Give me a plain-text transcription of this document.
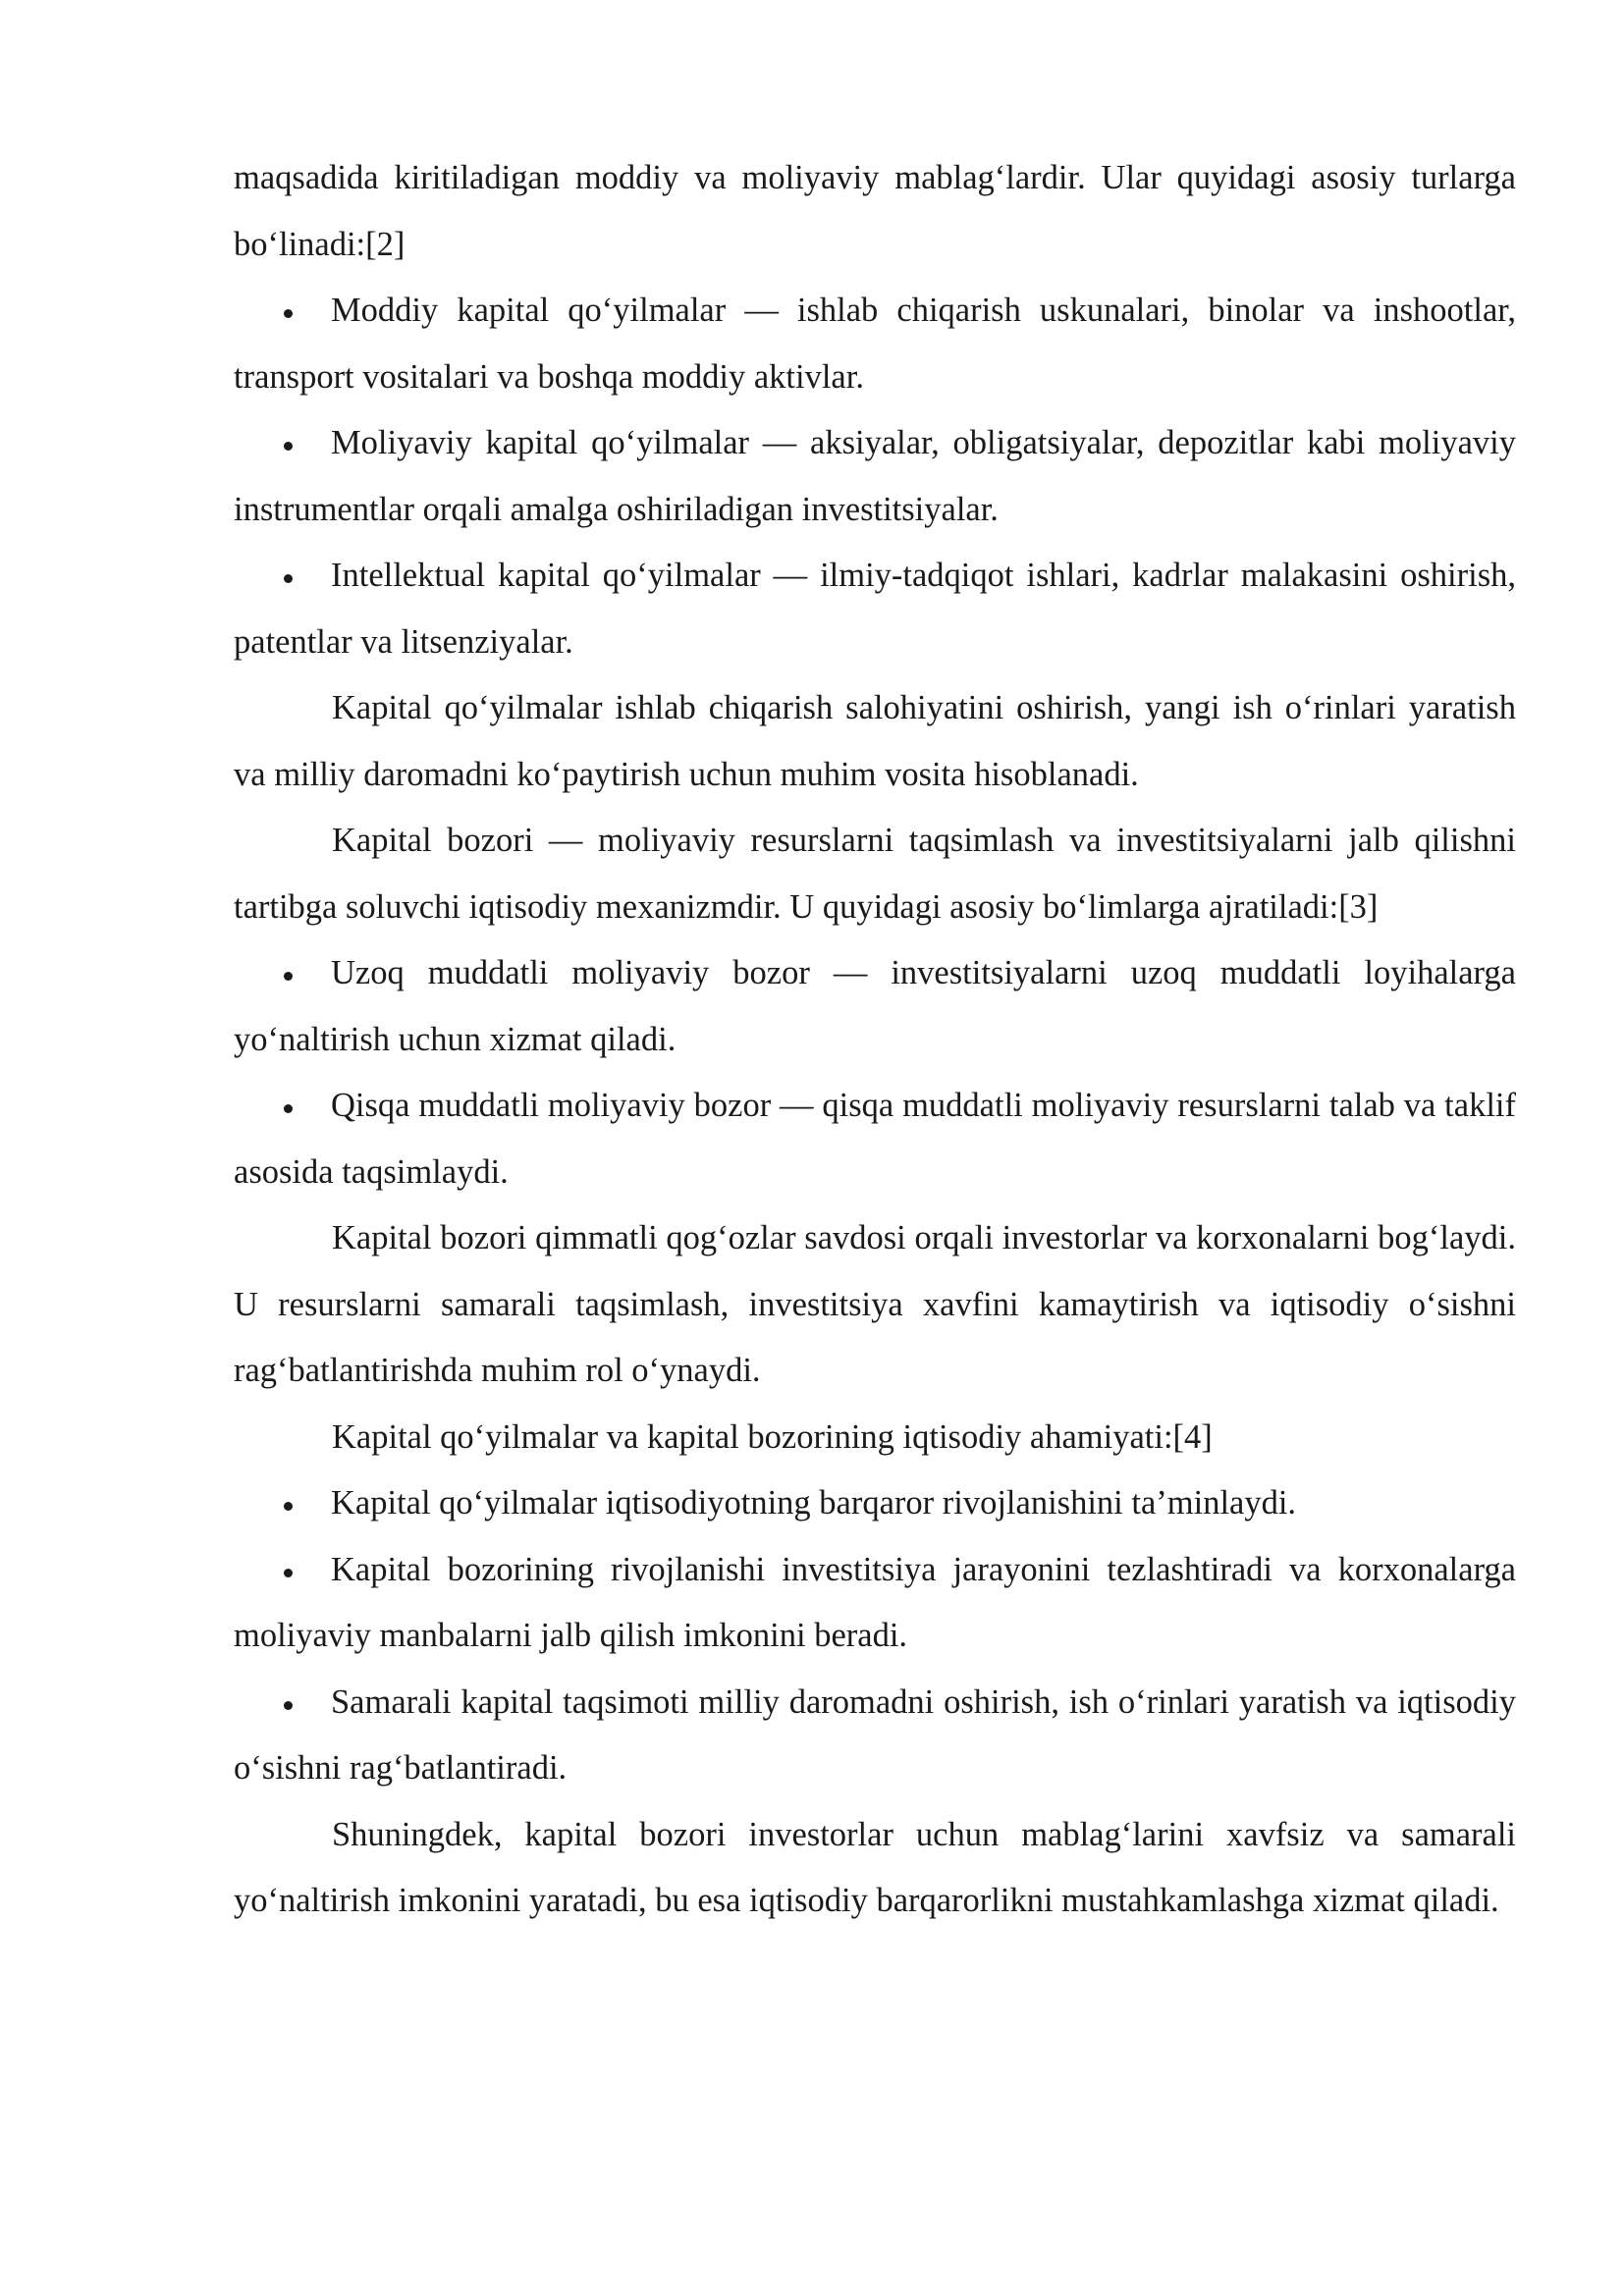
maqsadida kiritiladigan moddiy va moliyaviy mablag‘lardir. Ular quyidagi asosiy turlarga bo‘linadi:[2]

Moddiy kapital qo‘yilmalar — ishlab chiqarish uskunalari, binolar va inshootlar, transport vositalari va boshqa moddiy aktivlar.

Moliyaviy kapital qo‘yilmalar — aksiyalar, obligatsiyalar, depozitlar kabi moliyaviy instrumentlar orqali amalga oshiriladigan investitsiyalar.

Intellektual kapital qo‘yilmalar — ilmiy-tadqiqot ishlari, kadrlar malakasini oshirish, patentlar va litsenziyalar.

Kapital qo‘yilmalar ishlab chiqarish salohiyatini oshirish, yangi ish o‘rinlari yaratish va milliy daromadni ko‘paytirish uchun muhim vosita hisoblanadi.

Kapital bozori — moliyaviy resurslarni taqsimlash va investitsiyalarni jalb qilishni tartibga soluvchi iqtisodiy mexanizmdir. U quyidagi asosiy bo‘limlarga ajratiladi:[3]

Uzoq muddatli moliyaviy bozor — investitsiyalarni uzoq muddatli loyihalarga yo‘naltirish uchun xizmat qiladi.

Qisqa muddatli moliyaviy bozor — qisqa muddatli moliyaviy resurslarni talab va taklif asosida taqsimlaydi.

Kapital bozori qimmatli qog‘ozlar savdosi orqali investorlar va korxonalarni bog‘laydi. U resurslarni samarali taqsimlash, investitsiya xavfini kamaytirish va iqtisodiy o‘sishni rag‘batlantirishda muhim rol o‘ynaydi.

Kapital qo‘yilmalar va kapital bozorining iqtisodiy ahamiyati:[4]

Kapital qo‘yilmalar iqtisodiyotning barqaror rivojlanishini ta’minlaydi.

Kapital bozorining rivojlanishi investitsiya jarayonini tezlashtiradi va korxonalarga moliyaviy manbalarni jalb qilish imkonini beradi.

Samarali kapital taqsimoti milliy daromadni oshirish, ish o‘rinlari yaratish va iqtisodiy o‘sishni rag‘batlantiradi.

Shuningdek, kapital bozori investorlar uchun mablag‘larini xavfsiz va samarali yo‘naltirish imkonini yaratadi, bu esa iqtisodiy barqarorlikni mustahkamlashga xizmat qiladi.
